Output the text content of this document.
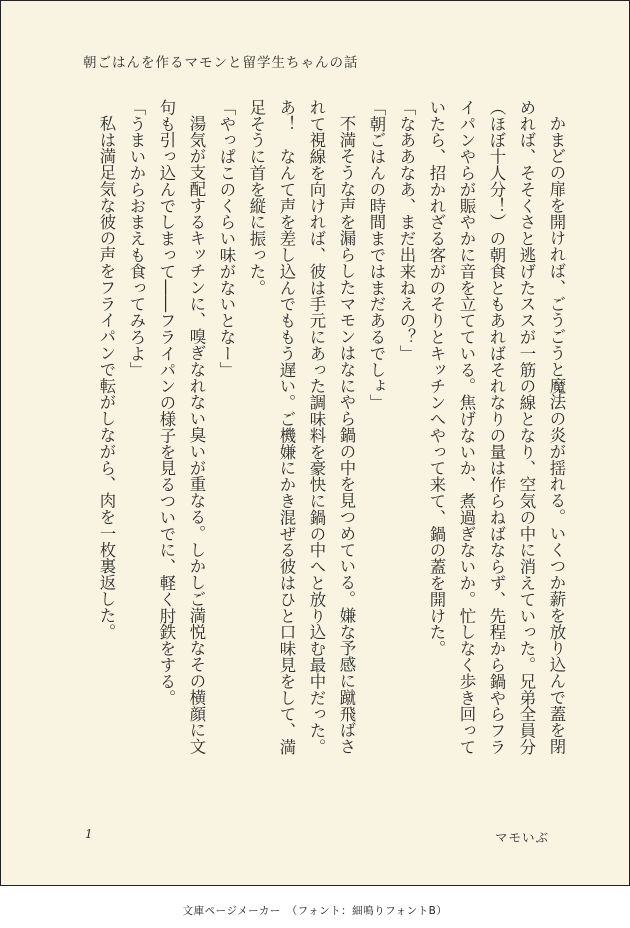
朝ごはんを作るマモンと留学生ちゃんの話

かまどの扉を開ければ、ごうごうと魔法の炎が揺れる。いくつか薪を放り込んで蓋を閉めれば、そそくさと逃げたススが一筋の線となり、空気の中に消えていった。兄弟全員分（ほぼ十人分！）の朝食ともあればそれなりの量は作らねばならず、先程から鍋やらフライパンやらが賑やかに音を立てている。焦げないか、煮過ぎないか。忙しなく歩き回っていたら、招かれざる客がのそりとキッチンへやって来て、鍋の蓋を開けた。

「なああなあ、まだ出来ねえの？」

「朝ごはんの時間まではまだあるでしょ」

不満そうな声を漏らしたマモンはなにやら鍋の中を見つめている。嫌な予感に蹴飛ばされて視線を向ければ、彼は手元にあった調味料を豪快に鍋の中へと放り込む最中だった。あ！　なんて声を差し込んでももう遅い。ご機嫌にかき混ぜる彼はひと口味見をして、満足そうに首を縦に振った。

「やっぱこのくらい味がないとなー」

湯気が支配するキッチンに、嗅ぎなれない臭いが重なる。しかしご満悦なその横顔に文句も引っ込んでしまって――フライパンの様子を見るついでに、軽く肘鉄をする。

「うまいからおまえも食ってみろよ」

私は満足気な彼の声をフライパンで転がしながら、肉を一枚裏返した。

1	マモいぶ
文庫ページメーカー　（フォント：細鳴りフォントB）
